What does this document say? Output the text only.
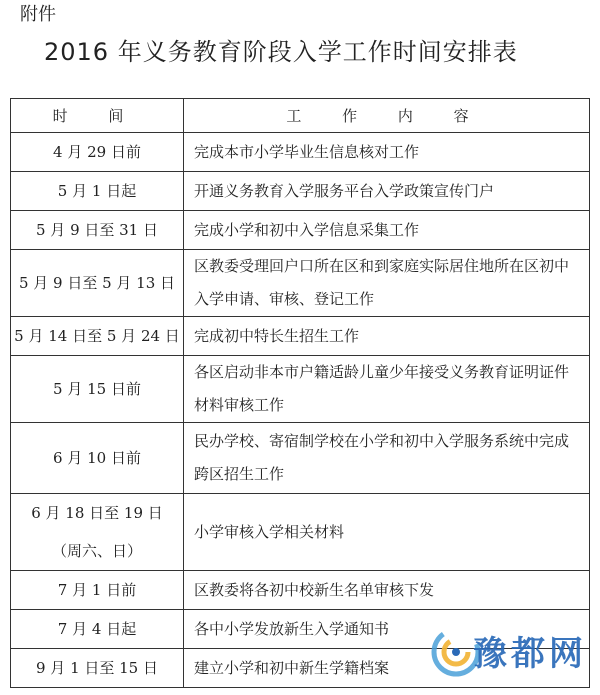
附件
2016 年义务教育阶段入学工作时间安排表
时 间	工 作 内 容
4 月 29 日前	完成本市小学毕业生信息核对工作
5 月 1 日起	开通义务教育入学服务平台入学政策宣传门户
5 月 9 日至 31 日	完成小学和初中入学信息采集工作
5 月 9 日至 5 月 13 日	区教委受理回户口所在区和到家庭实际居住地所在区初中入学申请、审核、登记工作
5 月 14 日至 5 月 24 日	完成初中特长生招生工作
5 月 15 日前	各区启动非本市户籍适龄儿童少年接受义务教育证明证件材料审核工作
6 月 10 日前	民办学校、寄宿制学校在小学和初中入学服务系统中完成跨区招生工作

6 月 18 日至 19 日
（周六、日）	小学审核入学相关材料
7 月 1 日前	区教委将各初中校新生名单审核下发
7 月 4 日起	各中小学发放新生入学通知书
9 月 1 日至 15 日	建立小学和初中新生学籍档案 豫都网
